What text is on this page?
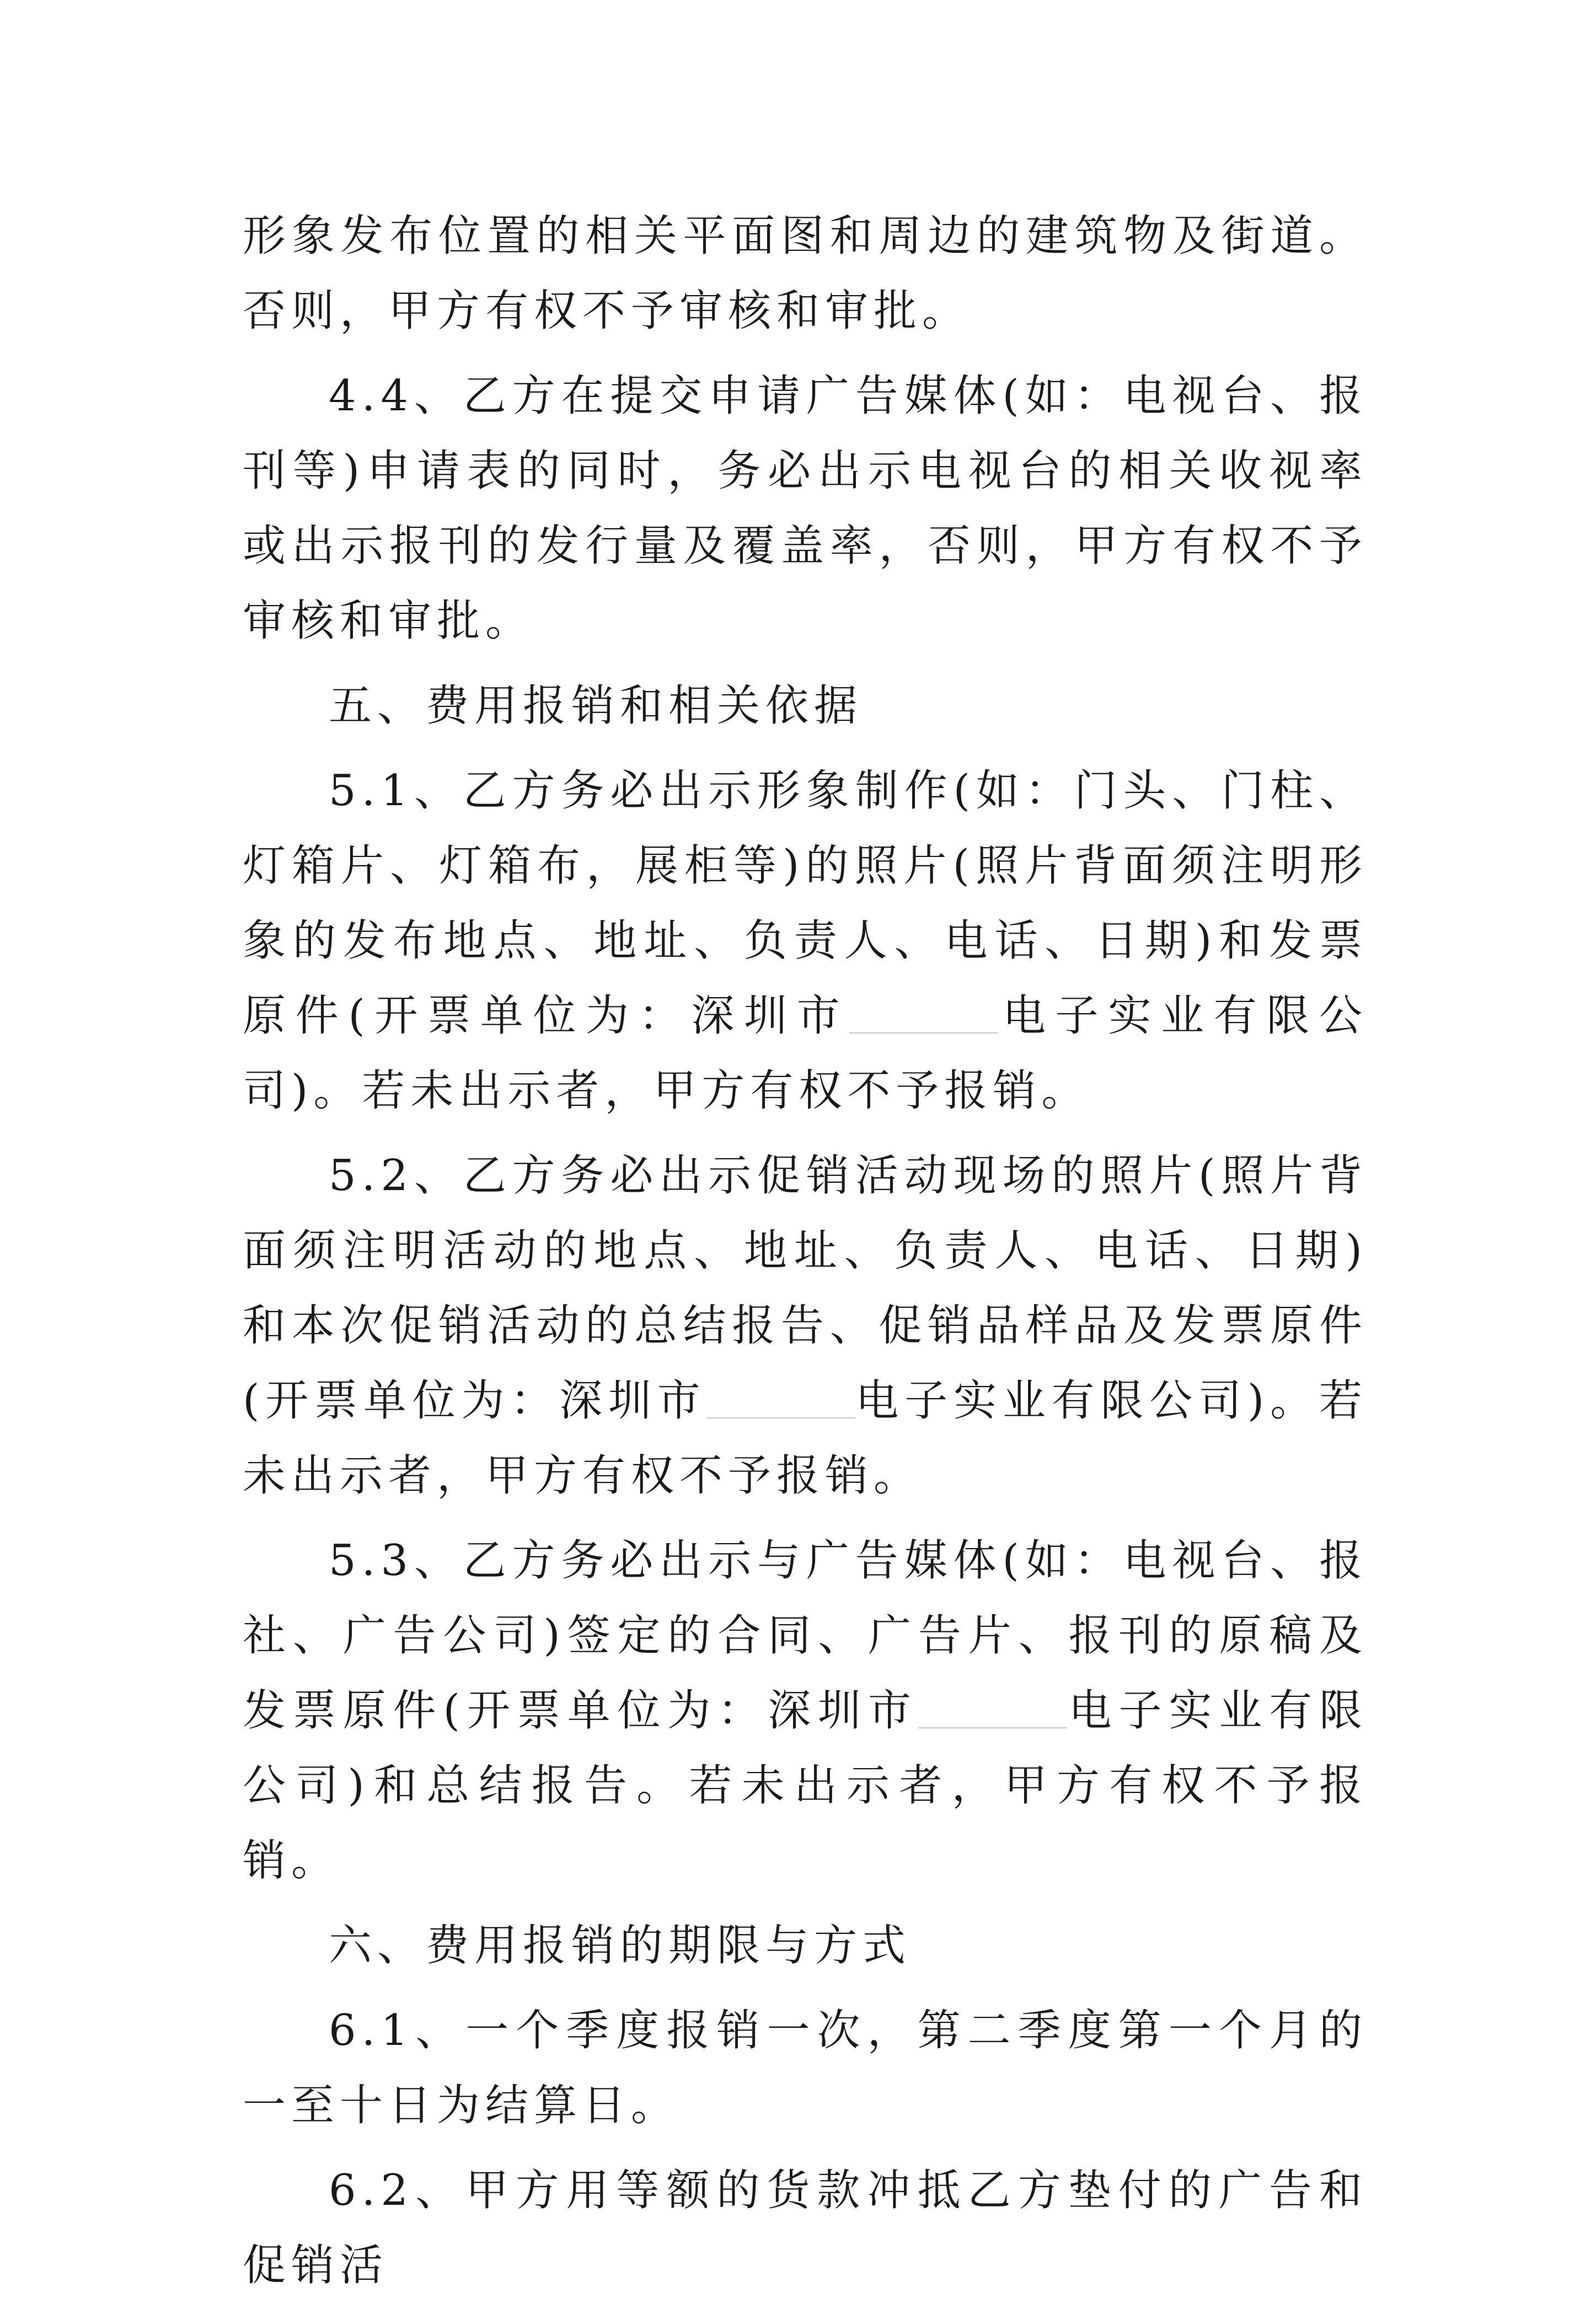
形象发布位置的相关平面图和周边的建筑物及街道。否则，甲方有权不予审核和审批。

4.4、乙方在提交申请广告媒体(如：电视台、报刊等)申请表的同时，务必出示电视台的相关收视率或出示报刊的发行量及覆盖率，否则，甲方有权不予审核和审批。

五、费用报销和相关依据

5.1、乙方务必出示形象制作(如：门头、门柱、灯箱片、灯箱布，展柜等)的照片(照片背面须注明形象的发布地点、地址、负责人、电话、日期)和发票原件(开票单位为：深圳市	电子实业有限公司)。若未出示者，甲方有权不予报销。

5.2、乙方务必出示促销活动现场的照片(照片背面须注明活动的地点、地址、负责人、电话、日期)和本次促销活动的总结报告、促销品样品及发票原件(开票单位为：深圳市	电子实业有限公司)。若未出示者，甲方有权不予报销。

5.3、乙方务必出示与广告媒体(如：电视台、报社、广告公司)签定的合同、广告片、报刊的原稿及发票原件(开票单位为：深圳市	电子实业有限公司)和总结报告。若未出示者，甲方有权不予报销。

六、费用报销的期限与方式

6.1、一个季度报销一次，第二季度第一个月的一至十日为结算日。

6.2、甲方用等额的货款冲抵乙方垫付的广告和促销活
